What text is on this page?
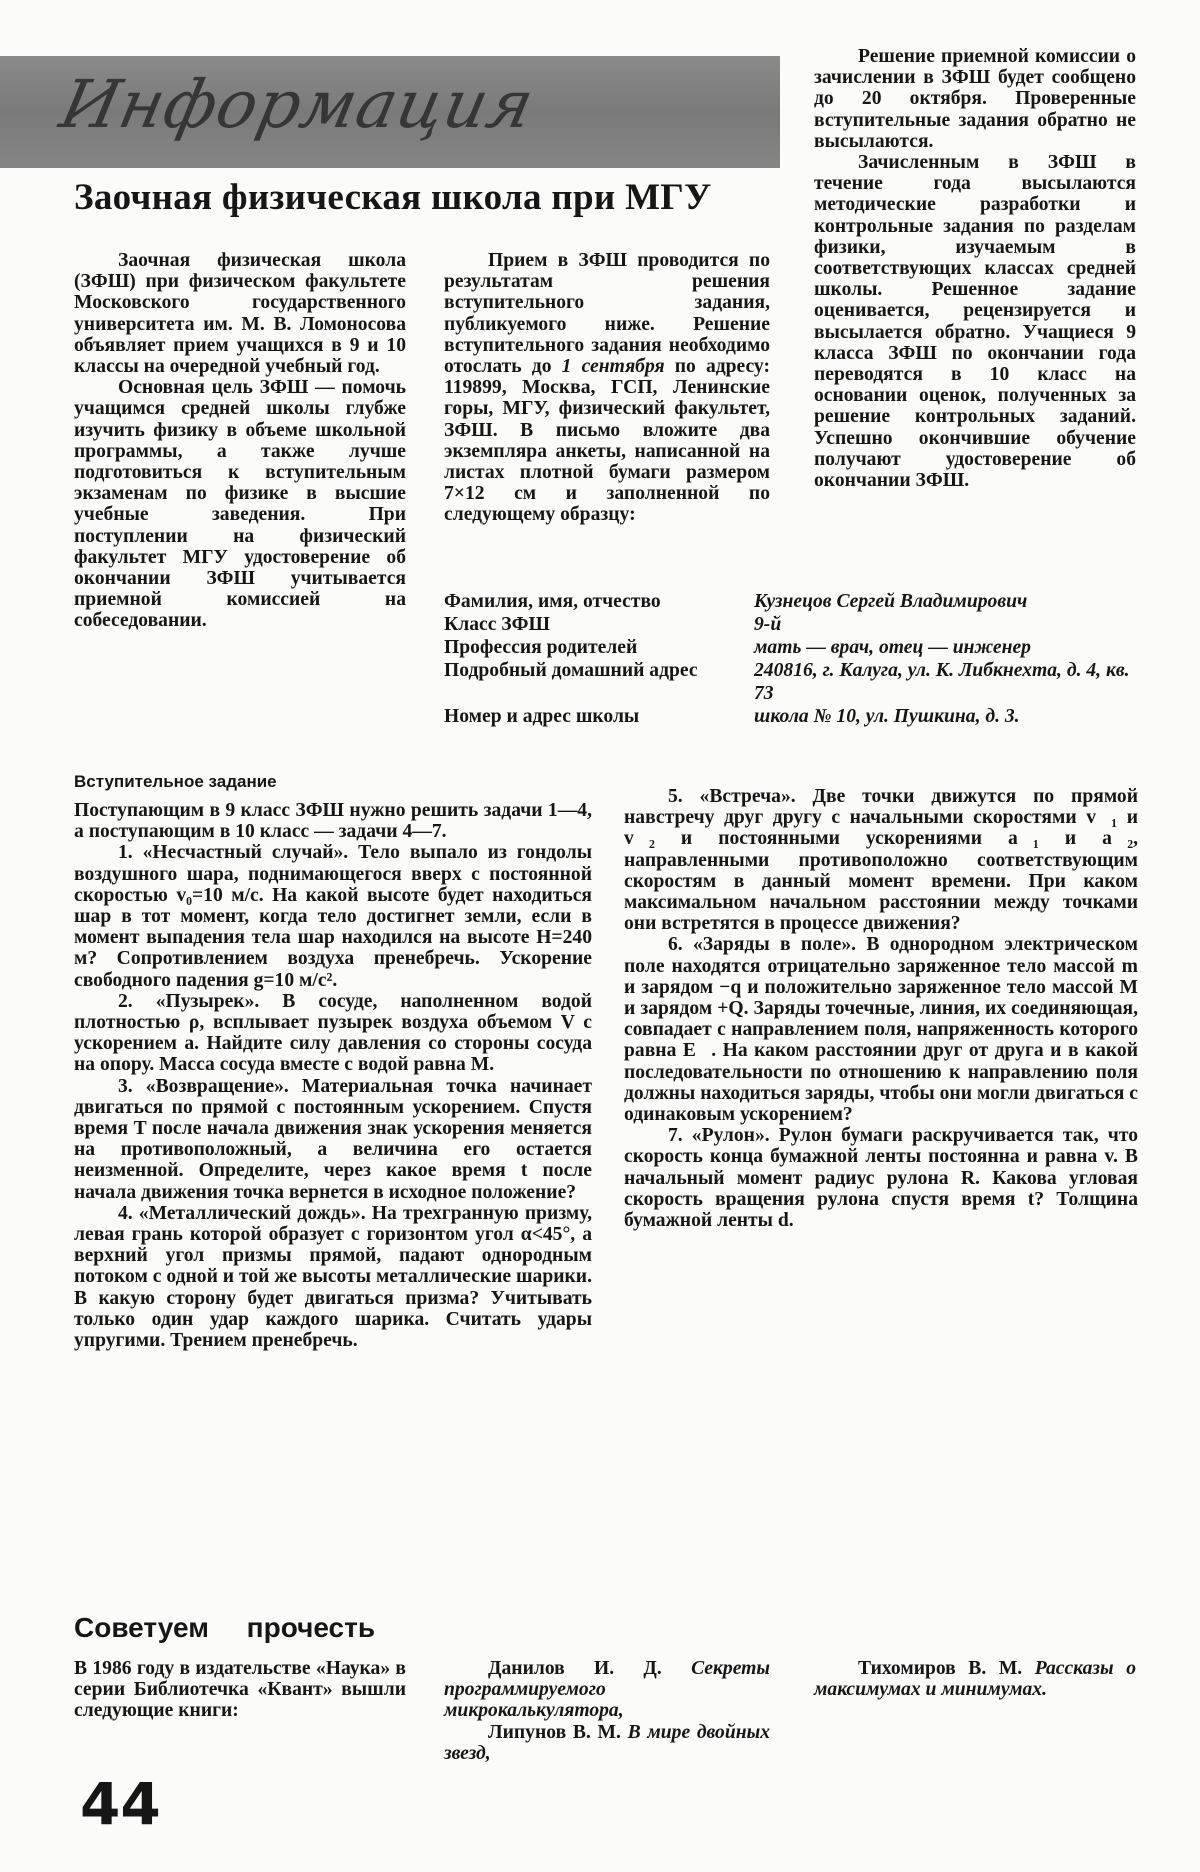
Информация
Заочная физическая школа при МГУ

Заочная физическая школа (ЗФШ) при физическом факультете Московского государственного университета им. М. В. Ломоносова объявляет прием учащихся в 9 и 10 классы на очередной учебный год.

Основная цель ЗФШ — помочь учащимся средней школы глубже изучить физику в объеме школьной программы, а также лучше подготовиться к вступительным экзаменам по физике в высшие учебные заведения. При поступлении на физический факультет МГУ удостоверение об окончании ЗФШ учитывается приемной комиссией на собеседовании.

Прием в ЗФШ проводится по результатам решения вступительного задания, публикуемого ниже. Решение вступительного задания необходимо отослать до 1 сентября по адресу: 119899, Москва, ГСП, Ленинские горы, МГУ, физический факультет, ЗФШ. В письмо вложите два экземпляра анкеты, написанной на листах плотной бумаги размером 7×12 см и заполненной по следующему образцу:

Решение приемной комиссии о зачислении в ЗФШ будет сообщено до 20 октября. Проверенные вступительные задания обратно не высылаются.

Зачисленным в ЗФШ в течение года высылаются методические разработки и контрольные задания по разделам физики, изучаемым в соответствующих классах средней школы. Решенное задание оценивается, рецензируется и высылается обратно. Учащиеся 9 класса ЗФШ по окончании года переводятся в 10 класс на основании оценок, полученных за решение контрольных заданий. Успешно окончившие обучение получают удостоверение об окончании ЗФШ.

Фамилия, имя, отчество	Кузнецов Сергей Владимирович
Класс ЗФШ	9-й
Профессия родителей	мать — врач, отец — инженер
Подробный домашний адрес	240816, г. Калуга, ул. К. Либкнехта, д. 4, кв. 73
Номер и адрес школы	школа № 10, ул. Пушкина, д. 3.
Вступительное задание

Поступающим в 9 класс ЗФШ нужно решить задачи 1—4, а поступающим в 10 класс — задачи 4—7.

1. «Несчастный случай». Тело выпало из гондолы воздушного шара, поднимающегося вверх с постоянной скоростью v₀=10 м/с. На какой высоте будет находиться шар в тот момент, когда тело достигнет земли, если в момент выпадения тела шар находился на высоте H=240 м? Сопротивлением воздуха пренебречь. Ускорение свободного падения g=10 м/с².

2. «Пузырек». В сосуде, наполненном водой плотностью ρ, всплывает пузырек воздуха объемом V с ускорением a. Найдите силу давления со стороны сосуда на опору. Масса сосуда вместе с водой равна M.

3. «Возвращение». Материальная точка начинает двигаться по прямой с постоянным ускорением. Спустя время T после начала движения знак ускорения меняется на противоположный, а величина его остается неизменной. Определите, через какое время t после начала движения точка вернется в исходное положение?

4. «Металлический дождь». На трехгранную призму, левая грань которой образует с горизонтом угол α<45°, а верхний угол призмы прямой, падают однородным потоком с одной и той же высоты металлические шарики. В какую сторону будет двигаться призма? Учитывать только один удар каждого шарика. Считать удары упругими. Трением пренебречь.

5. «Встреча». Две точки движутся по прямой навстречу друг другу с начальными скоростями v⃗₁ и v⃗₂ и постоянными ускорениями a⃗₁ и a⃗₂, направленными противоположно соответствующим скоростям в данный момент времени. При каком максимальном начальном расстоянии между точками они встретятся в процессе движения?

6. «Заряды в поле». В однородном электрическом поле находятся отрицательно заряженное тело массой m и зарядом −q и положительно заряженное тело массой M и зарядом +Q. Заряды точечные, линия, их соединяющая, совпадает с направлением поля, напряженность которого равна E⃗. На каком расстоянии друг от друга и в какой последовательности по отношению к направлению поля должны находиться заряды, чтобы они могли двигаться с одинаковым ускорением?

7. «Рулон». Рулон бумаги раскручивается так, что скорость конца бумажной ленты постоянна и равна v. В начальный момент радиус рулона R. Какова угловая скорость вращения рулона спустя время t? Толщина бумажной ленты d.

Советуем прочесть

В 1986 году в издательстве «Наука» в серии Библиотечка «Квант» вышли следующие книги:

Данилов И. Д. Секреты программируемого микрокалькулятора,

Липунов В. М. В мире двойных звезд,

Тихомиров В. М. Рассказы о максимумах и минимумах.

44
